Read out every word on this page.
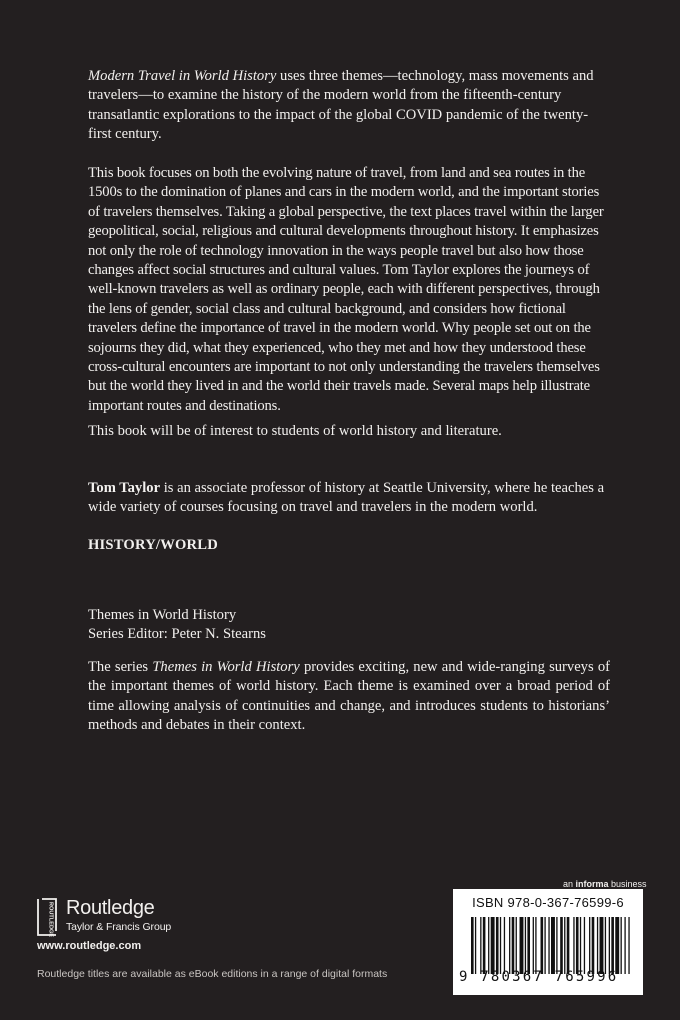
Modern Travel in World History uses three themes—technology, mass movements and travelers—to examine the history of the modern world from the fifteenth-century transatlantic explorations to the impact of the global COVID pandemic of the twenty-first century.

This book focuses on both the evolving nature of travel, from land and sea routes in the 1500s to the domination of planes and cars in the modern world, and the important stories of travelers themselves. Taking a global perspective, the text places travel within the larger geopolitical, social, religious and cultural developments throughout history. It emphasizes not only the role of technology innovation in the ways people travel but also how those changes affect social structures and cultural values. Tom Taylor explores the journeys of well-known travelers as well as ordinary people, each with different perspectives, through the lens of gender, social class and cultural background, and considers how fictional travelers define the importance of travel in the modern world. Why people set out on the sojourns they did, what they experienced, who they met and how they understood these cross-cultural encounters are important to not only understanding the travelers themselves but the world they lived in and the world their travels made. Several maps help illustrate important routes and destinations.

This book will be of interest to students of world history and literature.

Tom Taylor is an associate professor of history at Seattle University, where he teaches a wide variety of courses focusing on travel and travelers in the modern world.

HISTORY/WORLD

Themes in World History

Series Editor: Peter N. Stearns

The series Themes in World History provides exciting, new and wide-ranging surveys of the important themes of world history. Each theme is examined over a broad period of time allowing analysis of continuities and change, and introduces students to historians’ methods and debates in their context.

ROUTLEDGE Routledge
Taylor & Francis Group
www.routledge.com
Routledge titles are available as eBook editions in a range of digital formats
an informa business
ISBN 978-0-367-76599-6
9 780367 765996
